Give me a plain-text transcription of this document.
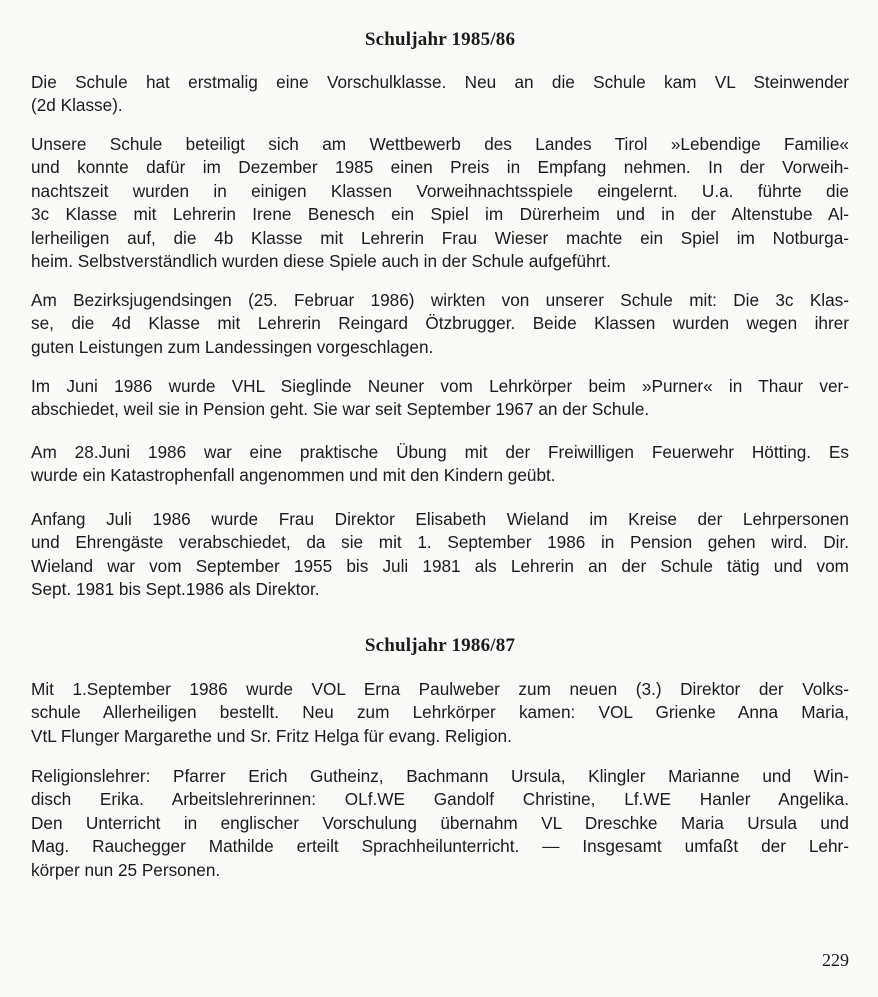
Schuljahr 1985/86

Die Schule hat erstmalig eine Vorschulklasse. Neu an die Schule kam VL Steinwender
(2d Klasse).

Unsere Schule beteiligt sich am Wettbewerb des Landes Tirol »Lebendige Familie«
und konnte dafür im Dezember 1985 einen Preis in Empfang nehmen. In der Vorweih-
nachtszeit wurden in einigen Klassen Vorweihnachtsspiele eingelernt. U.a. führte die
3c Klasse mit Lehrerin Irene Benesch ein Spiel im Dürerheim und in der Altenstube Al-
lerheiligen auf, die 4b Klasse mit Lehrerin Frau Wieser machte ein Spiel im Notburga-
heim. Selbstverständlich wurden diese Spiele auch in der Schule aufgeführt.

Am Bezirksjugendsingen (25. Februar 1986) wirkten von unserer Schule mit: Die 3c Klas-
se, die 4d Klasse mit Lehrerin Reingard Ötzbrugger. Beide Klassen wurden wegen ihrer
guten Leistungen zum Landessingen vorgeschlagen.

Im Juni 1986 wurde VHL Sieglinde Neuner vom Lehrkörper beim »Purner« in Thaur ver-
abschiedet, weil sie in Pension geht. Sie war seit September 1967 an der Schule.

Am 28.Juni 1986 war eine praktische Übung mit der Freiwilligen Feuerwehr Hötting. Es
wurde ein Katastrophenfall angenommen und mit den Kindern geübt.

Anfang Juli 1986 wurde Frau Direktor Elisabeth Wieland im Kreise der Lehrpersonen
und Ehrengäste verabschiedet, da sie mit 1. September 1986 in Pension gehen wird. Dir.
Wieland war vom September 1955 bis Juli 1981 als Lehrerin an der Schule tätig und vom
Sept. 1981 bis Sept.1986 als Direktor.

Schuljahr 1986/87

Mit 1.September 1986 wurde VOL Erna Paulweber zum neuen (3.) Direktor der Volks-
schule Allerheiligen bestellt. Neu zum Lehrkörper kamen: VOL Grienke Anna Maria,
VtL Flunger Margarethe und Sr. Fritz Helga für evang. Religion.

Religionslehrer: Pfarrer Erich Gutheinz, Bachmann Ursula, Klingler Marianne und Win-
disch Erika. Arbeitslehrerinnen: OLf.WE Gandolf Christine, Lf.WE Hanler Angelika.
Den Unterricht in englischer Vorschulung übernahm VL Dreschke Maria Ursula und
Mag. Rauchegger Mathilde erteilt Sprachheilunterricht. — Insgesamt umfaßt der Lehr-
körper nun 25 Personen.

229
